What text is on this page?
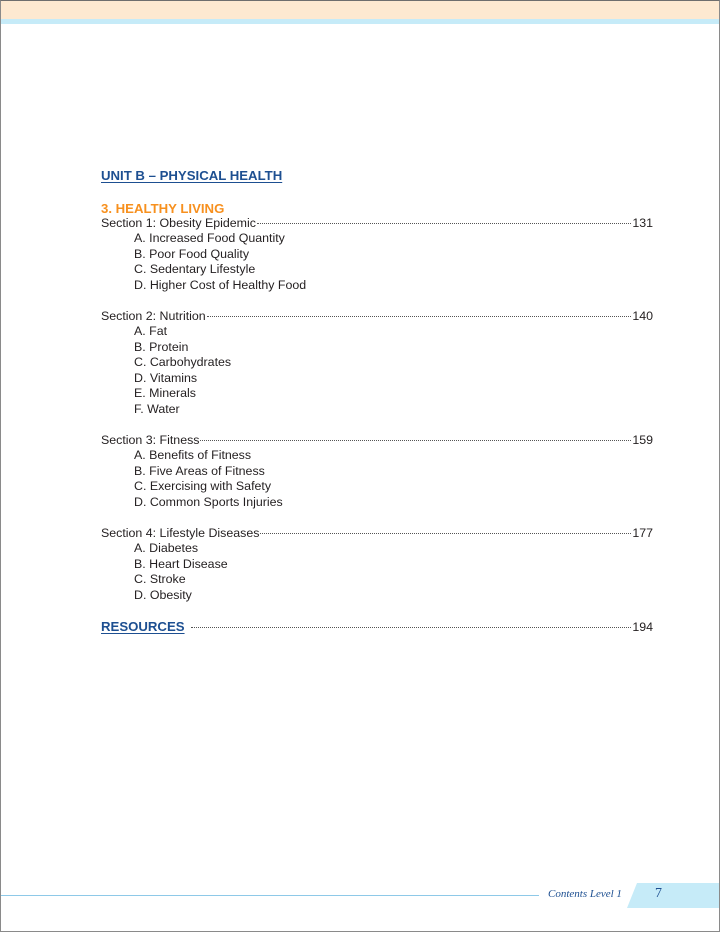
UNIT B – PHYSICAL HEALTH
3. HEALTHY LIVING
Section 1: Obesity Epidemic	131
A. Increased Food Quantity
B. Poor Food Quality
C. Sedentary Lifestyle
D. Higher Cost of Healthy Food
Section 2: Nutrition	140
A. Fat
B. Protein
C. Carbohydrates
D. Vitamins
E. Minerals
F. Water
Section 3: Fitness	159
A. Benefits of Fitness
B. Five Areas of Fitness
C. Exercising with Safety
D. Common Sports Injuries
Section 4: Lifestyle Diseases	177
A. Diabetes
B. Heart Disease
C. Stroke
D. Obesity
RESOURCES	194
Contents Level 1 7
